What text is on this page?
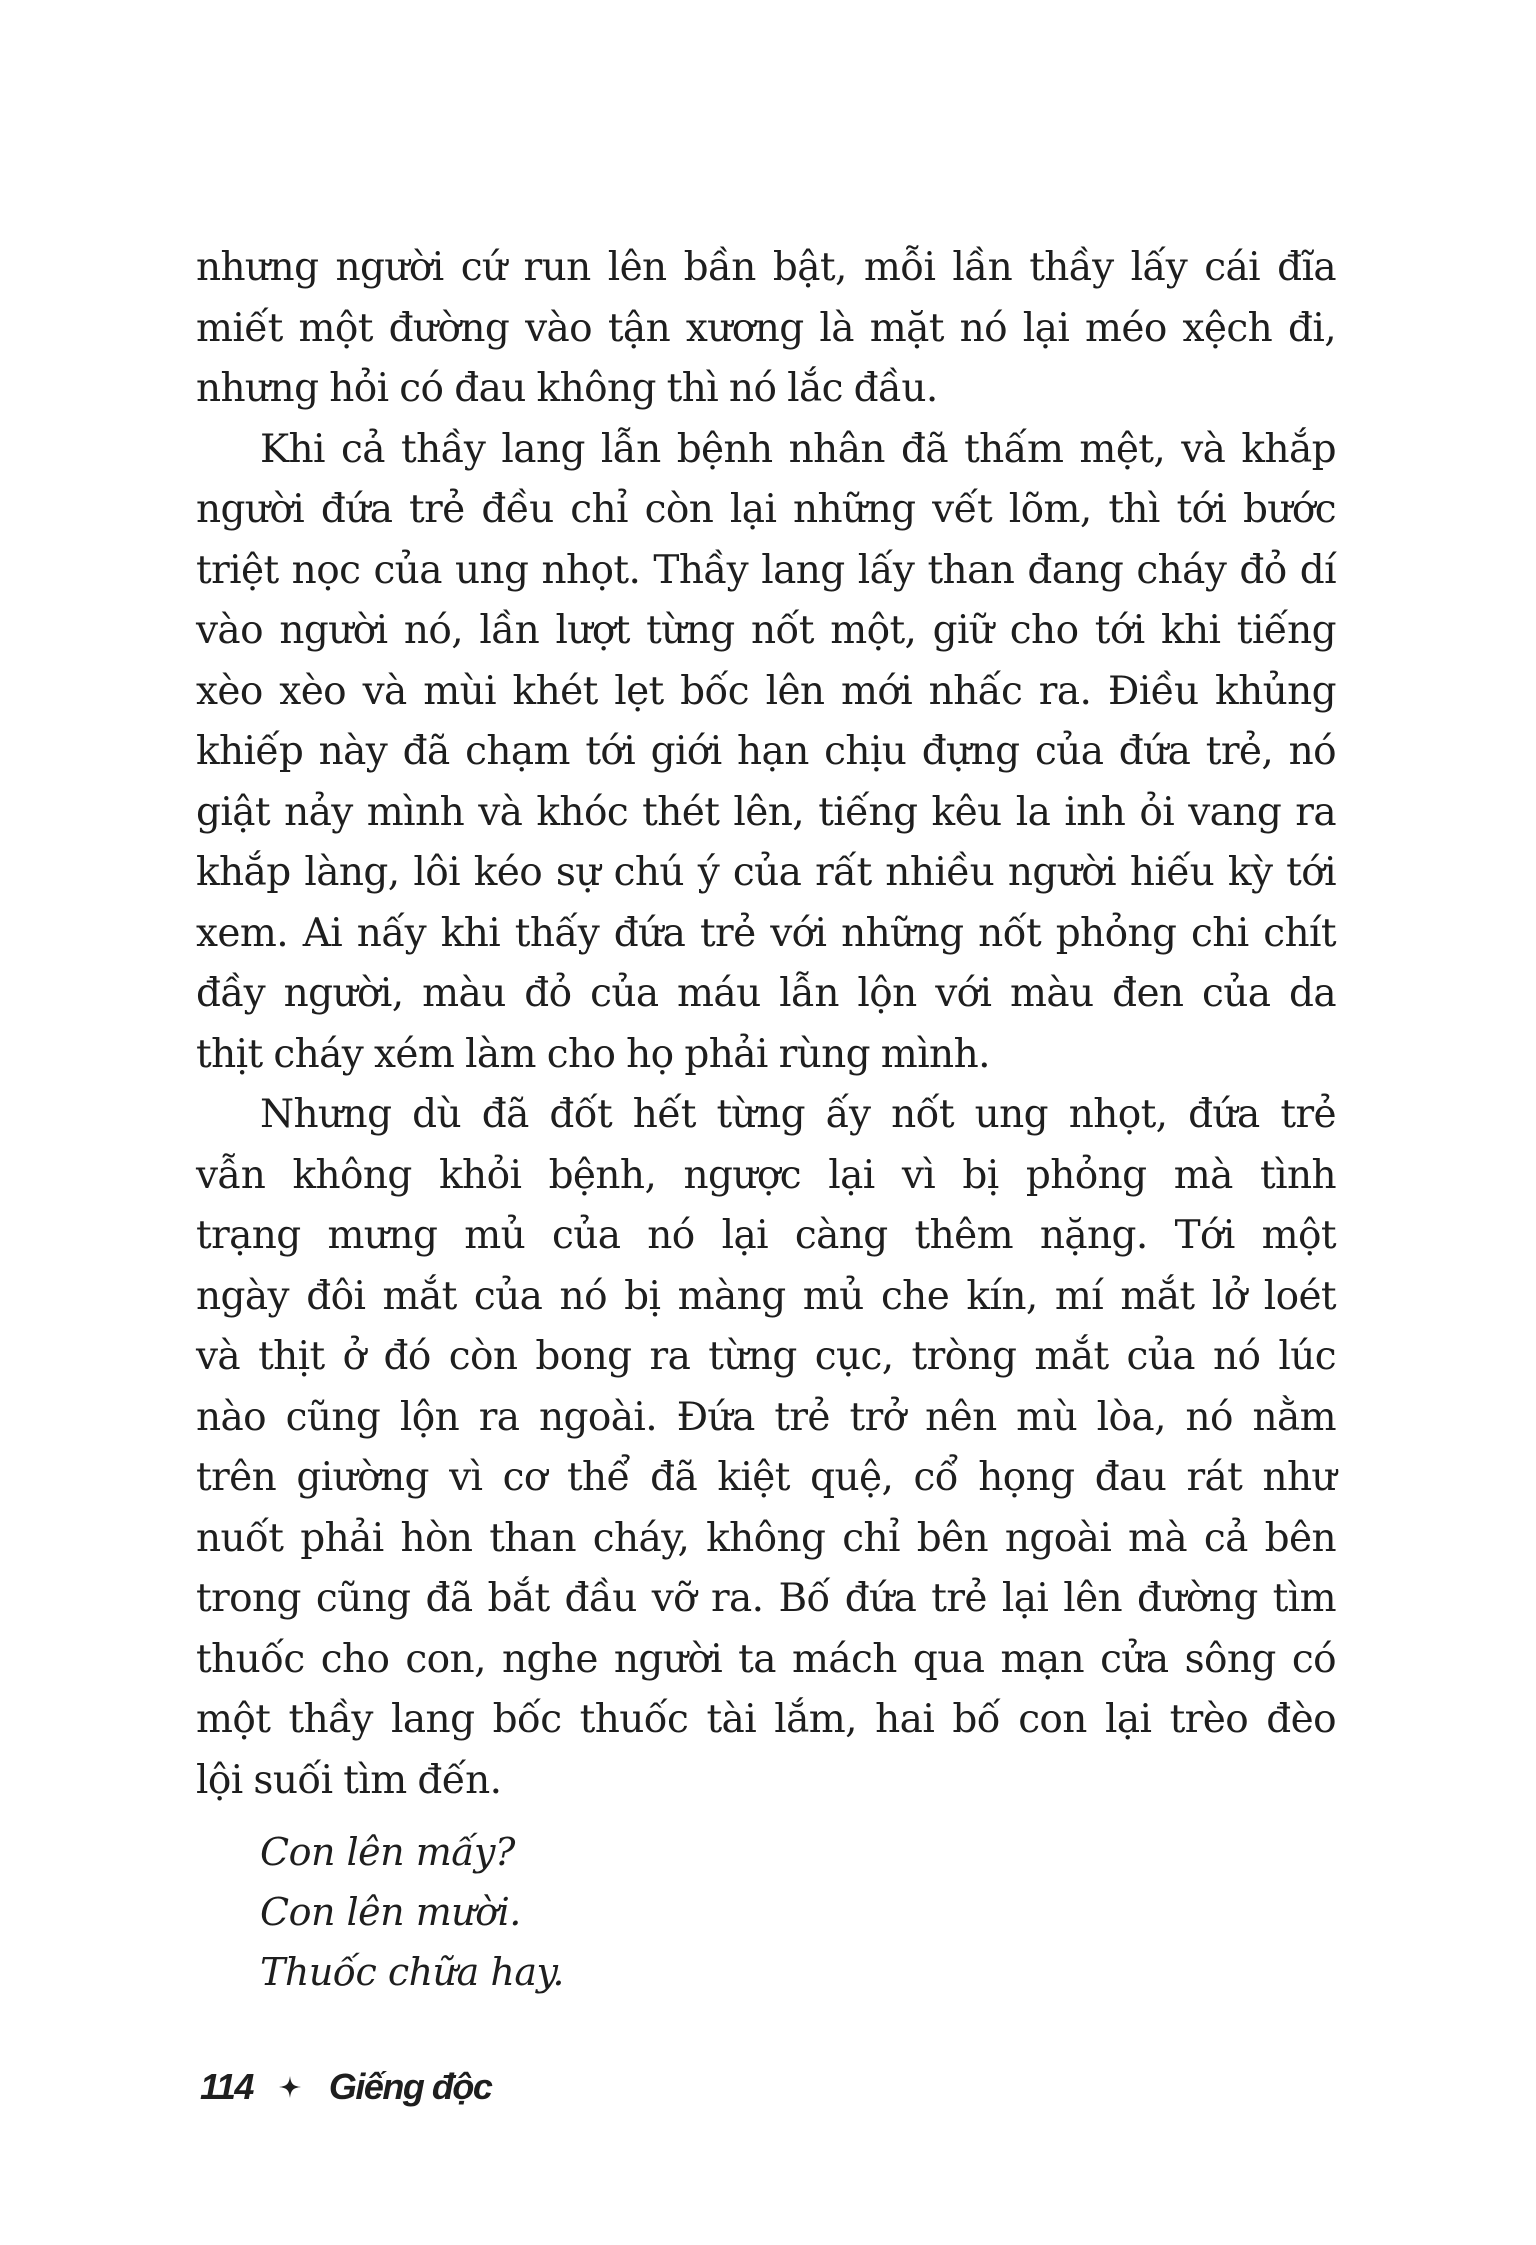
nhưng người cứ run lên bần bật, mỗi lần thầy lấy cái đĩa
miết một đường vào tận xương là mặt nó lại méo xệch đi,
nhưng hỏi có đau không thì nó lắc đầu.
Khi cả thầy lang lẫn bệnh nhân đã thấm mệt, và khắp
người đứa trẻ đều chỉ còn lại những vết lõm, thì tới bước
triệt nọc của ung nhọt. Thầy lang lấy than đang cháy đỏ dí
vào người nó, lần lượt từng nốt một, giữ cho tới khi tiếng
xèo xèo và mùi khét lẹt bốc lên mới nhấc ra. Điều khủng
khiếp này đã chạm tới giới hạn chịu đựng của đứa trẻ, nó
giật nảy mình và khóc thét lên, tiếng kêu la inh ỏi vang ra
khắp làng, lôi kéo sự chú ý của rất nhiều người hiếu kỳ tới
xem. Ai nấy khi thấy đứa trẻ với những nốt phỏng chi chít
đầy người, màu đỏ của máu lẫn lộn với màu đen của da
thịt cháy xém làm cho họ phải rùng mình.
Nhưng dù đã đốt hết từng ấy nốt ung nhọt, đứa trẻ
vẫn không khỏi bệnh, ngược lại vì bị phỏng mà tình
trạng mưng mủ của nó lại càng thêm nặng. Tới một
ngày đôi mắt của nó bị màng mủ che kín, mí mắt lở loét
và thịt ở đó còn bong ra từng cục, tròng mắt của nó lúc
nào cũng lộn ra ngoài. Đứa trẻ trở nên mù lòa, nó nằm
trên giường vì cơ thể đã kiệt quệ, cổ họng đau rát như
nuốt phải hòn than cháy, không chỉ bên ngoài mà cả bên
trong cũng đã bắt đầu vỡ ra. Bố đứa trẻ lại lên đường tìm
thuốc cho con, nghe người ta mách qua mạn cửa sông có
một thầy lang bốc thuốc tài lắm, hai bố con lại trèo đèo
lội suối tìm đến.
Con lên mấy?
Con lên mười.
Thuốc chữa hay.
114 Giếng độc
